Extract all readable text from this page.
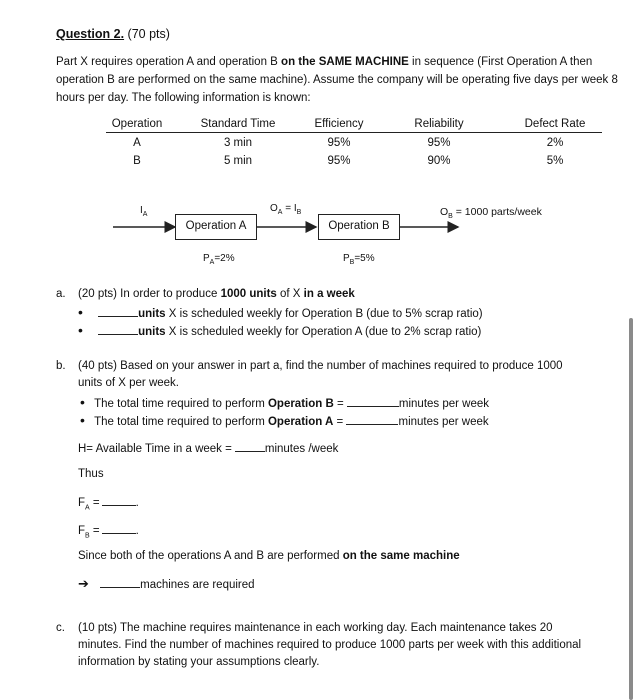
Question 2. (70 pts)
Part X requires operation A and operation B on the SAME MACHINE in sequence (First Operation A then operation B are performed on the same machine). Assume the company will be operating five days per week 8 hours per day. The following information is known:
Operation	Standard Time	Efficiency	Reliability	Defect Rate
A	3 min	95%	95%	2%
B	5 min	95%	90%	5%
$I_A$
Operation A
$O_A = I_B$
Operation B
$O_B = 1000$ parts/week
$P_A=2\%$	$P_B=5\%$
a. (20 pts) In order to produce 1000 units of X in a week
•	units X is scheduled weekly for Operation B (due to 5% scrap ratio)
•	units X is scheduled weekly for Operation A (due to 2% scrap ratio)
b. (40 pts) Based on your answer in part a, find the number of machines required to produce 1000
units of X per week.
• The total time required to perform Operation B =	minutes per week
• The total time required to perform Operation A =	minutes per week
H= Available Time in a week =	minutes /week
Thus
$F_A$ =	.
$F_B$ =	.
Since both of the operations A and B are performed on the same machine
➔	machines are required
c. (10 pts) The machine requires maintenance in each working day. Each maintenance takes 20
minutes. Find the number of machines required to produce 1000 parts per week with this additional
information by stating your assumptions clearly.
